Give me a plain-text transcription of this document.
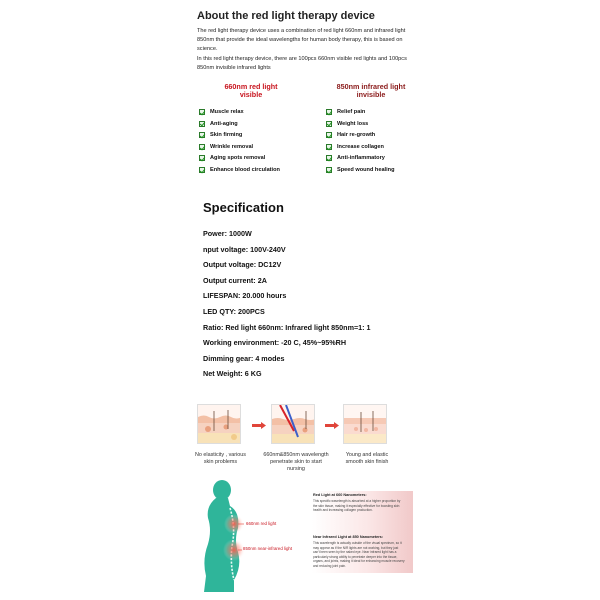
About the red light therapy device

The red light therapy device uses a combination of red light 660nm and infrared light 850nm that provide the ideal wavelengths for human body therapy, this is based on science.

In this red light therapy device, there are 100pcs 660nm visible red lights and 100pcs 850nm invisible infrared lights

660nm red light
visible
Muscle relax
Anti-aging
Skin firming
Wrinkle removal
Aging spots removal
Enhance blood circulation
850nm infrared light
invisible
Relief pain
Weight loss
Hair re-growth
Increase collagen
Anti-inflammatory
Speed wound healing
Specification
Power: 1000W
nput voltage: 100V-240V
Output voltage: DC12V
Output current: 2A
LIFESPAN: 20.000 hours
LED QTY: 200PCS
Ratio: Red light 660nm: Infrared light 850nm=1: 1
Working environment: -20 C, 45%~95%RH
Dimming gear: 4 modes
Net Weight: 6 KG
No elasticity , various
skin problems
660nm&850nm wavelength
penetrate skin to start nursing
Young and elastic
smooth skin finish
660nm red light
850nm near-infrared light
Red Light at 660 Nanometers:
This specific wavelength is absorbed at a higher proportion by the skin tissue, making it especially effective for boosting skin health and increasing collagen production.
Near Infrared Light at 850 Nanometers:
This wavelength is actually outside of the visual spectrum, so it may appear as if the NIR lights are not working, but they just can't been seen by the naked eye. Near infrared light has a particularly strong ability to penetrate deeper into the tissue, organs, and joints, making it ideal for enhancing muscle recovery and reducing joint pain.
